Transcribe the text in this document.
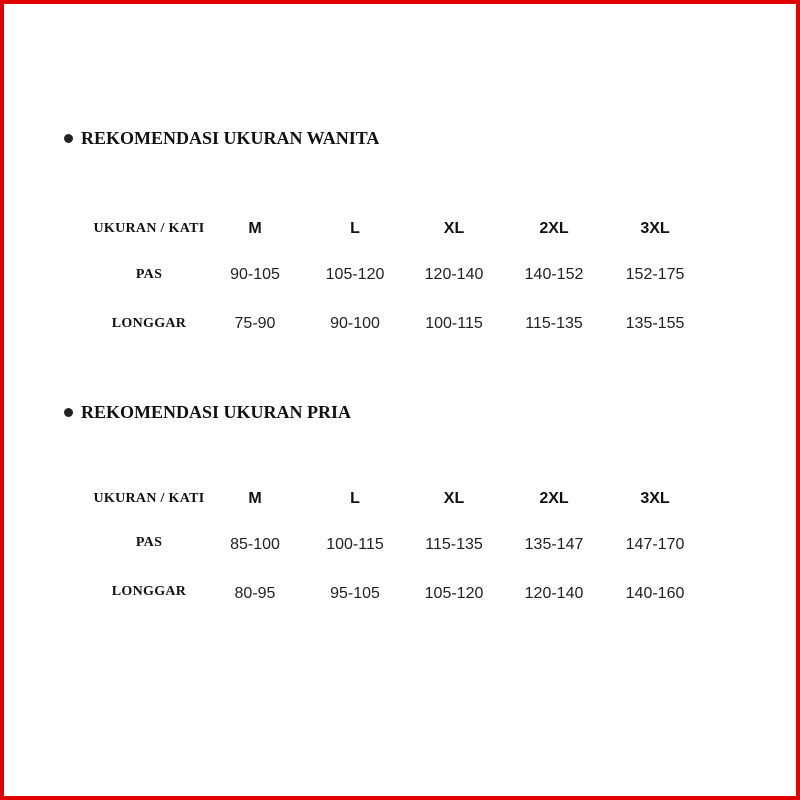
REKOMENDASI UKURAN WANITA
UKURAN / KATI	M	L	XL	2XL	3XL
PAS	90-105	105-120	120-140	140-152	152-175
LONGGAR	75-90	90-100	100-115	115-135	135-155
REKOMENDASI UKURAN PRIA
UKURAN / KATI	M	L	XL	2XL	3XL
PAS	85-100	100-115	115-135	135-147	147-170
LONGGAR	80-95	95-105	105-120	120-140	140-160
